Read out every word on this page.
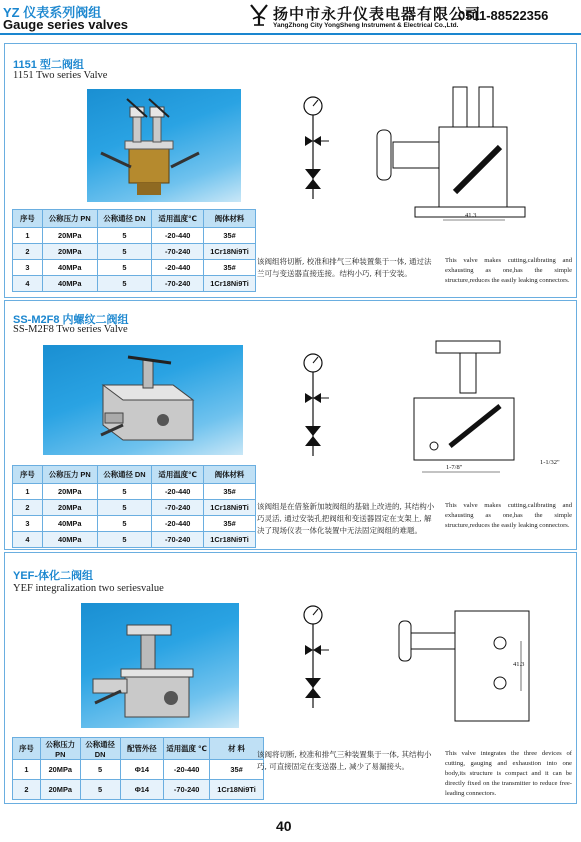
YZ 仪表系列阀组
Gauge series valves
扬中市永升仪表电器有限公司
YangZhong City YongSheng Instrument & Electrical Co.,Ltd.
0511-88522356
1151 型二阀组
1151 Two series Valve
序号	公称压力 PN	公称通径 DN	适用温度℃	阀体材料
1	20MPa	5	-20-440	35#
2	20MPa	5	-70-240	1Cr18Ni9Ti
3	40MPa	5	-20-440	35#
4	40MPa	5	-70-240	1Cr18Ni9Ti
41.3
该阀组将切断, 校准和排气三种装置集于一体, 通过法兰可与变送器直接连接。结构小巧, 利于安装。
This valve makes cutting,calibrating and exhausting as one,has the simple structure,reduces the easily leaking connectors.
SS-M2F8 内螺纹二阀组
SS-M2F8 Two series Valve
序号	公称压力 PN	公称通径 DN	适用温度℃	阀体材料
1	20MPa	5	-20-440	35#
2	20MPa	5	-70-240	1Cr18Ni9Ti
3	40MPa	5	-20-440	35#
4	40MPa	5	-70-240	1Cr18Ni9Ti
1-7/8"
1-1/32"
该阀组是在借鉴新加坡阀组的基础上改进的, 其结构小巧灵活, 通过安装孔把阀组和变送器固定在支架上, 解决了现场仪表一体化装置中无法固定阀组的难题。
This valve makes cutting,calibrating and exhausting as one,has the simple structure,reduces the easily leaking connectors.
YEF-体化二阀组
YEF integralization two seriesvalue
序号	公称压力 PN	公称通径 DN	配管外径	适用温度 ℃	材 料
1	20MPa	5	Φ14	-20-440	35#
2	20MPa	5	Φ14	-70-240	1Cr18Ni9Ti
41.3
该阀将切断, 校准和排气三种装置集于一体, 其结构小巧, 可直接固定在变送器上, 减少了易漏接头。
This valve integrates the three devices of cutting, gauging and exhaustion into one body,its structure is compact and it can be directly fixed on the transmitter to reduce free-leading connectors.
40
